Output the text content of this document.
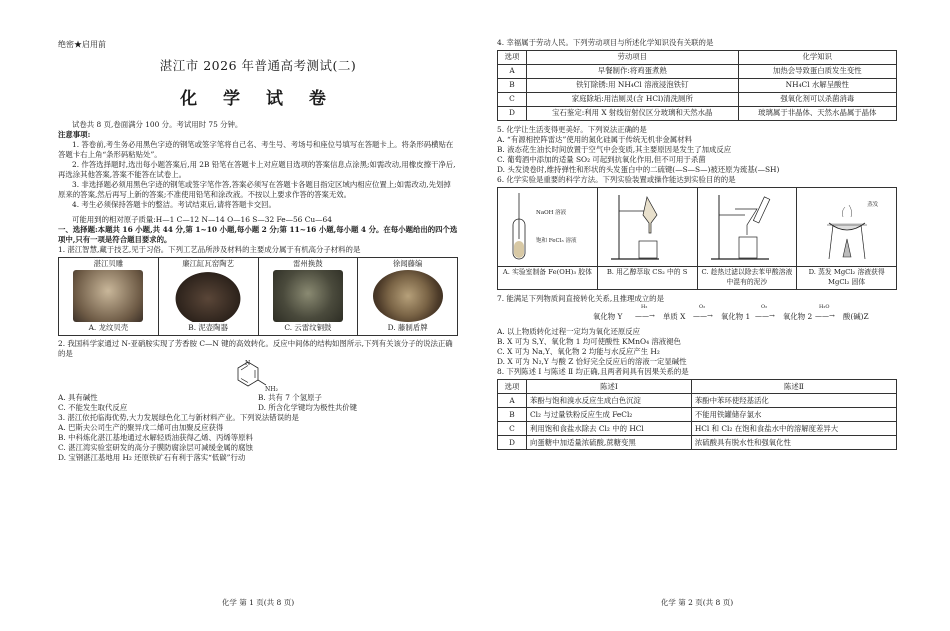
绝密★启用前
湛江市 2026 年普通高考测试(二)
化 学 试 卷

试卷共 8 页,卷面满分 100 分。考试用时 75 分钟。

注意事项:

1. 答卷前,考生务必用黑色字迹的钢笔或签字笔将自己名、考生号、考场号和座位号填写在答题卡上。将条形码横贴在答题卡右上角“条形码粘贴处”。

2. 作答选择题时,选出每小题答案后,用 2B 铅笔在答题卡上对应题目选项的答案信息点涂黑;如需改动,用橡皮擦干净后,再选涂其他答案,答案不能答在试卷上。

3. 非选择题必须用黑色字迹的钢笔或签字笔作答,答案必须写在答题卡各题目指定区域内相应位置上;如需改动,先划掉原来的答案,然后再写上新的答案;不准使用铅笔和涂改液。不按以上要求作答的答案无效。

4. 考生必须保持答题卡的整洁。考试结束后,请将答题卡交回。

可能用到的相对原子质量:H—1 C—12 N—14 O—16 S—32 Fe—56 Cu—64

一、选择题:本题共 16 小题,共 44 分,第 1~10 小题,每小题 2 分;第 11~16 小题,每小题 4 分。在每小题给出的四个选项中,只有一项是符合题目要求的。

1. 湛江智慧,藏于技艺,见于习俗。下列工艺品所涉及材料的主要成分属于有机高分子材料的是

湛江贝雕
A. 龙纹贝壳

廉江缸瓦窑陶艺
B. 泥壶陶器

雷州换鼓
C. 云雷纹铜鼓

徐闻藤编
D. 藤制盾牌

2. 我国科学家通过 N-亚硝胺实现了芳香胺 C—N 键的高效转化。反应中间体的结构如图所示,下列有关该分子的说法正确的是

N
NH₂
A. 具有碱性	B. 共有 7 个氢原子
C. 不能发生取代反应	D. 所含化学键均为极性共价键

3. 湛江依托临海优势,大力发展绿色化工与新材料产业。下列说法错误的是

A. 巴斯夫公司生产的聚异戊二烯可由加聚反应获得

B. 中科炼化湛江基地通过水解轻质油获得乙烯、丙烯等原料

C. 湛江湾实验室研发的高分子膜防腐涂层可减缓金属的腐蚀

D. 宝钢湛江基地用 H₂ 还原铁矿石有利于落实“低碳”行动

化学 第 1 页(共 8 页)

4. 幸福属于劳动人民。下列劳动项目与所述化学知识没有关联的是

选项	劳动项目	化学知识
A	早餐制作:将鸡蛋煮熟	加热会导致蛋白质发生变性
B	铁钉除锈:用 NH₄Cl 溶液浸泡铁钉	NH₄Cl 水解呈酸性
C	家庭除垢:用洁厕灵(含 HCl)清洗厕所	强氧化剂可以杀菌消毒
D	宝石鉴定:利用 X 射线衍射仪区分玻璃和天然水晶	玻璃属于非晶体、天然水晶属于晶体

5. 化学让生活变得更美好。下列说法正确的是

A. “有源相控阵雷达”使用的氮化硅属于传统无机非金属材料

B. 液态花生油长时间放置于空气中会变质,其主要原因是发生了加成反应

C. 葡萄酒中添加的适量 SO₂ 可起到抗氧化作用,但不可用于杀菌

D. 头发烫卷时,维持弹性和形状的头发蛋白中的二硫键(—S—S—)被还原为巯基(—SH)

6. 化学实验是重要的科学方法。下列实验装置或操作能达到实验目的的是

NaOH 溶液
饱和 FeCl₃ 溶液
蒸发
A. 实验室制备 Fe(OH)₃ 胶体	B. 用乙醇萃取 CS₂ 中的 S	C. 趁热过滤以除去苯甲酸溶液中混有的泥沙
D. 蒸发 MgCl₂ 溶液获得 MgCl₂ 固体

7. 能满足下列物质间直接转化关系,且推理成立的是

氧化物 Y ——→
H₂
单质 X ——→
O₂
氧化物 1 ——→
O₂
氧化物 2 ——→
H₂O
酸(碱)Z

A. 以上物质转化过程一定均为氧化还原反应

B. X 可为 S,Y、氧化物 1 均可使酸性 KMnO₄ 溶液褪色

C. X 可为 Na,Y、氧化物 2 均能与水反应产生 H₂

D. X 可为 N₂,Y 与酸 Z 恰好完全反应后的溶液一定显碱性

8. 下列陈述 Ⅰ 与陈述 Ⅱ 均正确,且两者间具有因果关系的是

选项	陈述Ⅰ	陈述Ⅱ
A	苯酚与饱和溴水反应生成白色沉淀	苯酚中苯环使羟基活化
B	Cl₂ 与过量铁粉反应生成 FeCl₂	不能用铁罐储存氯水
C	利用饱和食盐水除去 Cl₂ 中的 HCl	HCl 和 Cl₂ 在饱和食盐水中的溶解度差异大
D	向蛋糖中加适量浓硫酸,蔗糖变黑	浓硫酸具有脱水性和强氧化性
化学 第 2 页(共 8 页)
